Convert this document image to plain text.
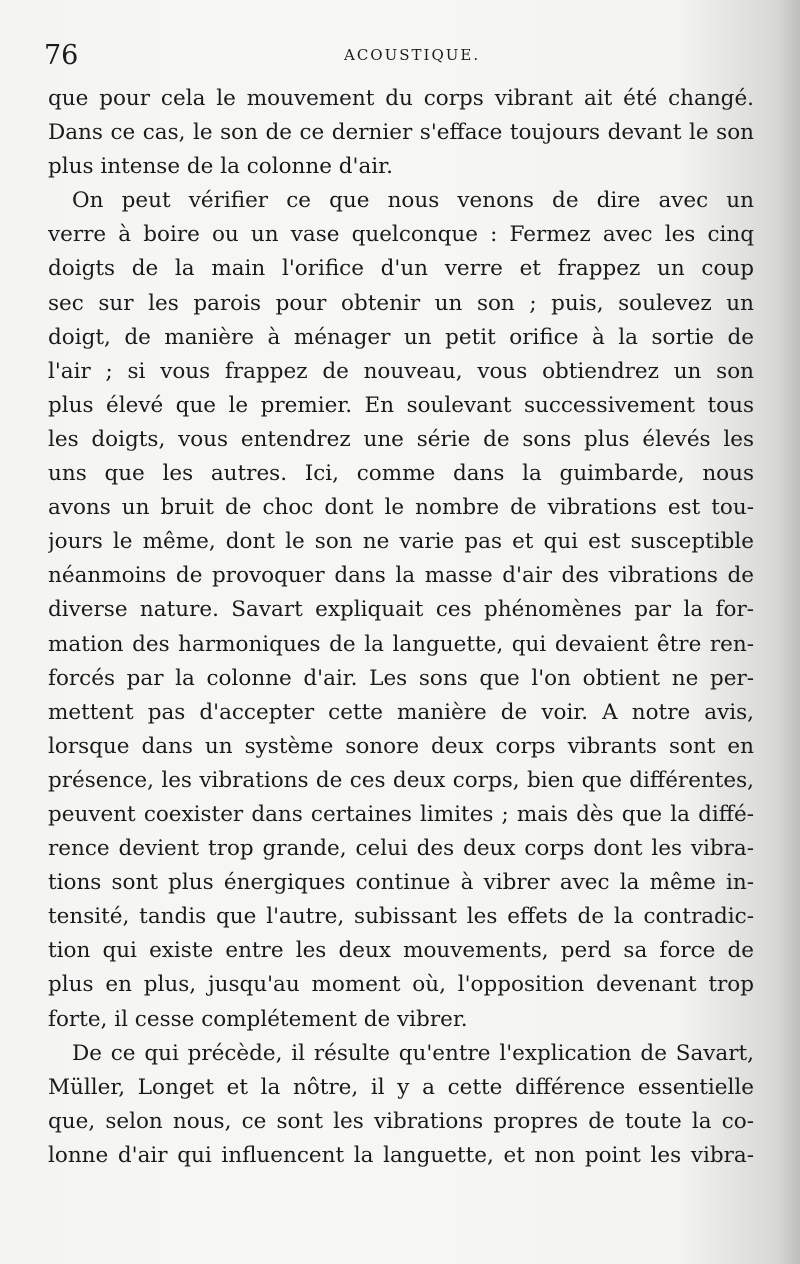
76	ACOUSTIQUE.
que pour cela le mouvement du corps vibrant ait été changé.
Dans ce cas, le son de ce dernier s'efface toujours devant le son
plus intense de la colonne d'air.
On peut vérifier ce que nous venons de dire avec un
verre à boire ou un vase quelconque : Fermez avec les cinq
doigts de la main l'orifice d'un verre et frappez un coup
sec sur les parois pour obtenir un son ; puis, soulevez un
doigt, de manière à ménager un petit orifice à la sortie de
l'air ; si vous frappez de nouveau, vous obtiendrez un son
plus élevé que le premier. En soulevant successivement tous
les doigts, vous entendrez une série de sons plus élevés les
uns que les autres. Ici, comme dans la guimbarde, nous
avons un bruit de choc dont le nombre de vibrations est tou-
jours le même, dont le son ne varie pas et qui est susceptible
néanmoins de provoquer dans la masse d'air des vibrations de
diverse nature. Savart expliquait ces phénomènes par la for-
mation des harmoniques de la languette, qui devaient être ren-
forcés par la colonne d'air. Les sons que l'on obtient ne per-
mettent pas d'accepter cette manière de voir. A notre avis,
lorsque dans un système sonore deux corps vibrants sont en
présence, les vibrations de ces deux corps, bien que différentes,
peuvent coexister dans certaines limites ; mais dès que la diffé-
rence devient trop grande, celui des deux corps dont les vibra-
tions sont plus énergiques continue à vibrer avec la même in-
tensité, tandis que l'autre, subissant les effets de la contradic-
tion qui existe entre les deux mouvements, perd sa force de
plus en plus, jusqu'au moment où, l'opposition devenant trop
forte, il cesse complétement de vibrer.
De ce qui précède, il résulte qu'entre l'explication de Savart,
Müller, Longet et la nôtre, il y a cette différence essentielle
que, selon nous, ce sont les vibrations propres de toute la co-
lonne d'air qui influencent la languette, et non point les vibra-
